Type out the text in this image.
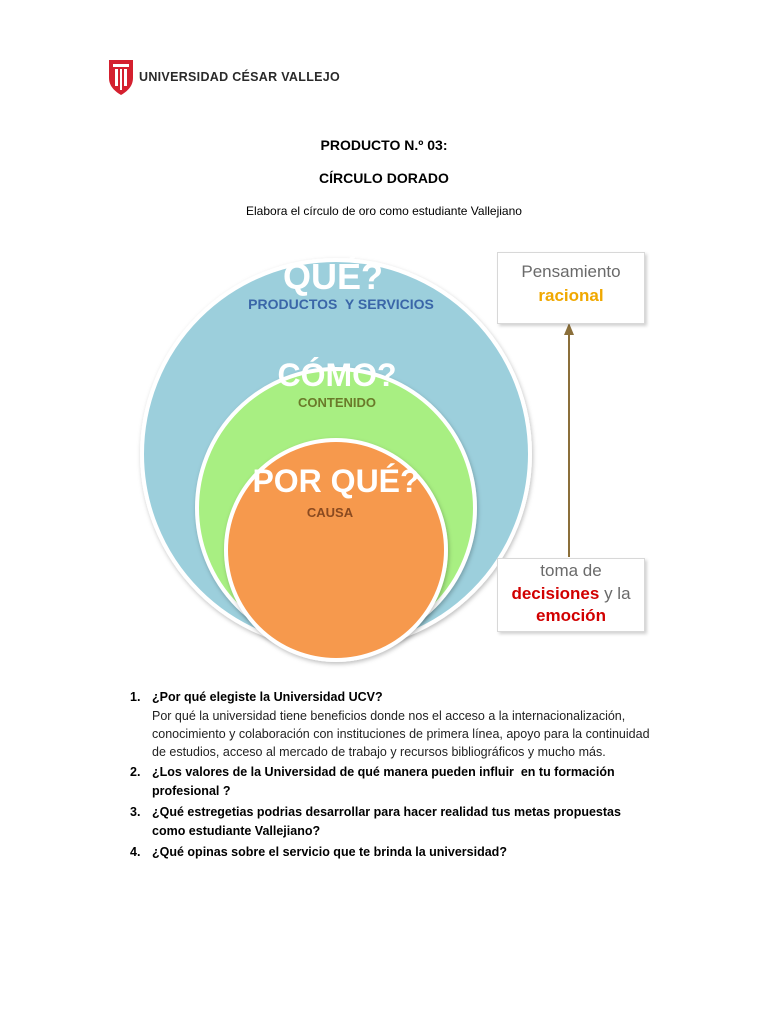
UNIVERSIDAD CÉSAR VALLEJO
PRODUCTO N.º 03:
CÍRCULO DORADO
Elabora el círculo de oro como estudiante Vallejiano
QUÉ?
PRODUCTOS  Y SERVICIOS
CÓMO?
CONTENIDO
POR QUÉ?
CAUSA
Pensamiento
racional
toma de
decisiones y la
emoción
1. ¿Por qué elegiste la Universidad UCV?
Por qué la universidad tiene beneficios donde nos el acceso a la internacionalización, conocimiento y colaboración con instituciones de primera línea, apoyo para la continuidad de estudios, acceso al mercado de trabajo y recursos bibliográficos y mucho más.
2. ¿Los valores de la Universidad de qué manera pueden influir  en tu formación profesional ?
3. ¿Qué estregetias podrias desarrollar para hacer realidad tus metas propuestas como estudiante Vallejiano?
4. ¿Qué opinas sobre el servicio que te brinda la universidad?
